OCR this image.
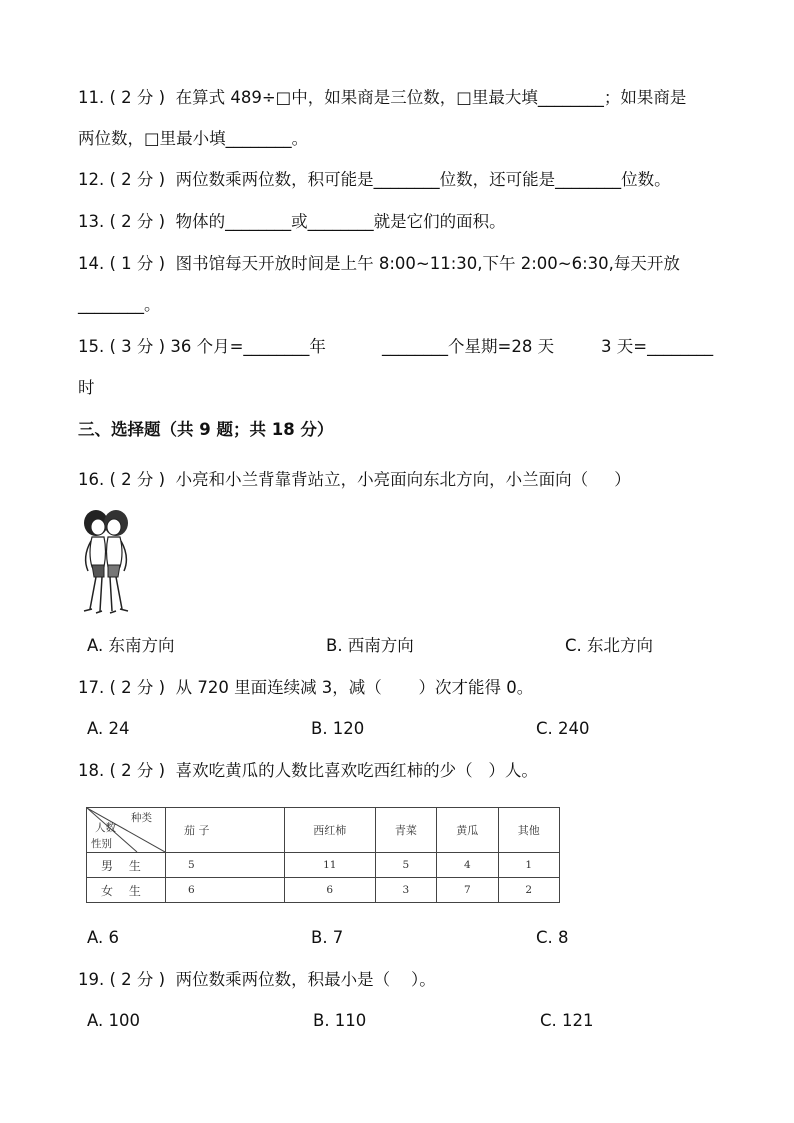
11. ( 2 分 )  在算式 489÷□中，如果商是三位数，□里最大填________；如果商是
两位数，□里最小填________。
12. ( 2 分 )  两位数乘两位数，积可能是________位数，还可能是________位数。
13. ( 2 分 )  物体的________或________就是它们的面积。
14. ( 1 分 )  图书馆每天开放时间是上午 8:00~11:30,下午 2:00~6:30,每天开放
________。
15. ( 3 分 ) 36 个月=________年	________个星期=28 天	3 天=________
时
三、选择题（共 9 题；共 18 分）
16. ( 2 分 )  小亮和小兰背靠背站立，小亮面向东北方向，小兰面向（     ）
A. 东南方向	B. 西南方向	C. 东北方向
17. ( 2 分 )  从 720 里面连续减 3，减（       ）次才能得 0。
A. 24	B. 120	C. 240
18. ( 2 分 )  喜欢吃黄瓜的人数比喜欢吃西红柿的少（   ）人。
种类
人数
性别	茄 子	西红柿	青菜	黄瓜	其他
男 生	5	11	5	4	1
女 生	6	6	3	7	2
A. 6	B. 7	C. 8
19. ( 2 分 )  两位数乘两位数，积最小是（    ）。
A. 100	B. 110	C. 121
